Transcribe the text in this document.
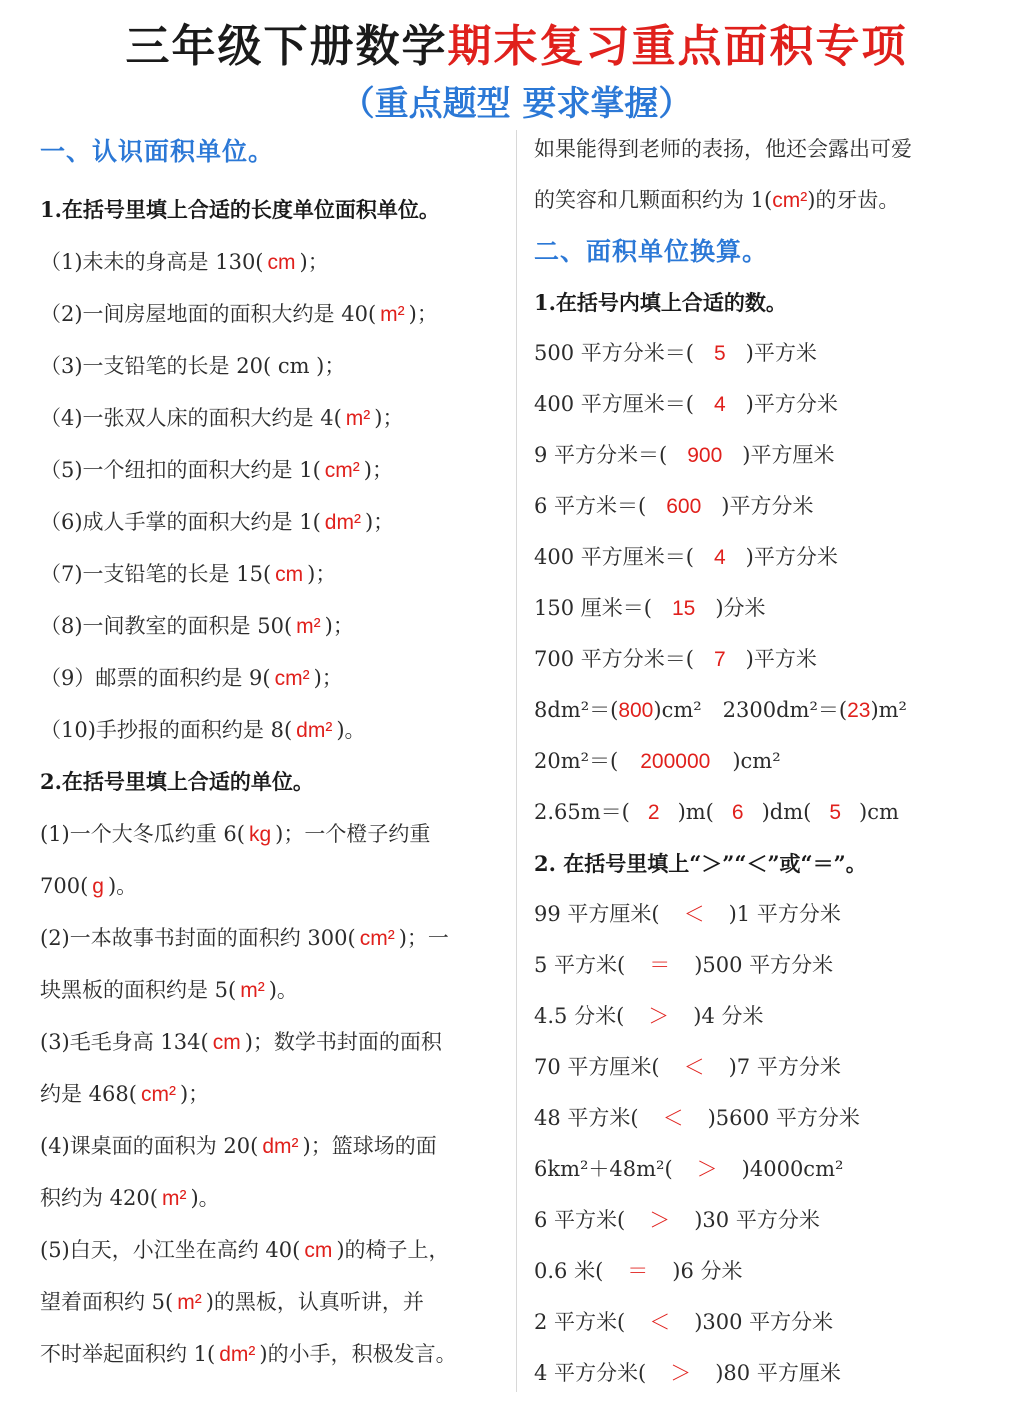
三年级下册数学期末复习重点面积专项
（重点题型 要求掌握）
一、认识面积单位。
1.在括号里填上合适的长度单位面积单位。
（1)未未的身高是 130( cm )；
（2)一间房屋地面的面积大约是 40( m² )；
（3)一支铅笔的长是 20( cm )；
（4)一张双人床的面积大约是 4( m² )；
（5)一个纽扣的面积大约是 1( cm² )；
（6)成人手掌的面积大约是 1( dm² )；
（7)一支铅笔的长是 15( cm )；
（8)一间教室的面积是 50( m² )；
（9）邮票的面积约是 9( cm² )；
（10)手抄报的面积约是 8( dm² )。
2.在括号里填上合适的单位。
(1)一个大冬瓜约重 6( kg )；一个橙子约重
700( g )。
(2)一本故事书封面的面积约 300( cm² )；一
块黑板的面积约是 5( m² )。
(3)毛毛身高 134( cm )；数学书封面的面积
约是 468( cm² )；
(4)课桌面的面积为 20( dm² )；篮球场的面
积约为 420( m² )。
(5)白天，小江坐在高约 40( cm )的椅子上，
望着面积约 5( m² )的黑板，认真听讲，并
不时举起面积约 1( dm² )的小手，积极发言。
如果能得到老师的表扬，他还会露出可爱
的笑容和几颗面积约为 1(cm²)的牙齿。
二、面积单位换算。
1.在括号内填上合适的数。
500 平方分米＝( 5 )平方米
400 平方厘米＝( 4 )平方分米
9 平方分米＝( 900 )平方厘米
6 平方米＝( 600 )平方分米
400 平方厘米＝( 4 )平方分米
150 厘米＝( 15 )分米
700 平方分米＝( 7 )平方米
8dm²＝(800)cm²　2300dm²＝(23)m²
20m²＝( 200000 )cm²
2.65m＝( 2 )m( 6 )dm( 5 )cm
2. 在括号里填上“＞”“＜”或“＝”。
99 平方厘米( ＜ )1 平方分米
5 平方米( ＝ )500 平方分米
4.5 分米( ＞ )4 分米
70 平方厘米( ＜ )7 平方分米
48 平方米( ＜ )5600 平方分米
6km²＋48m²( ＞ )4000cm²
6 平方米( ＞ )30 平方分米
0.6 米( ＝ )6 分米
2 平方米( ＜ )300 平方分米
4 平方分米( ＞ )80 平方厘米
